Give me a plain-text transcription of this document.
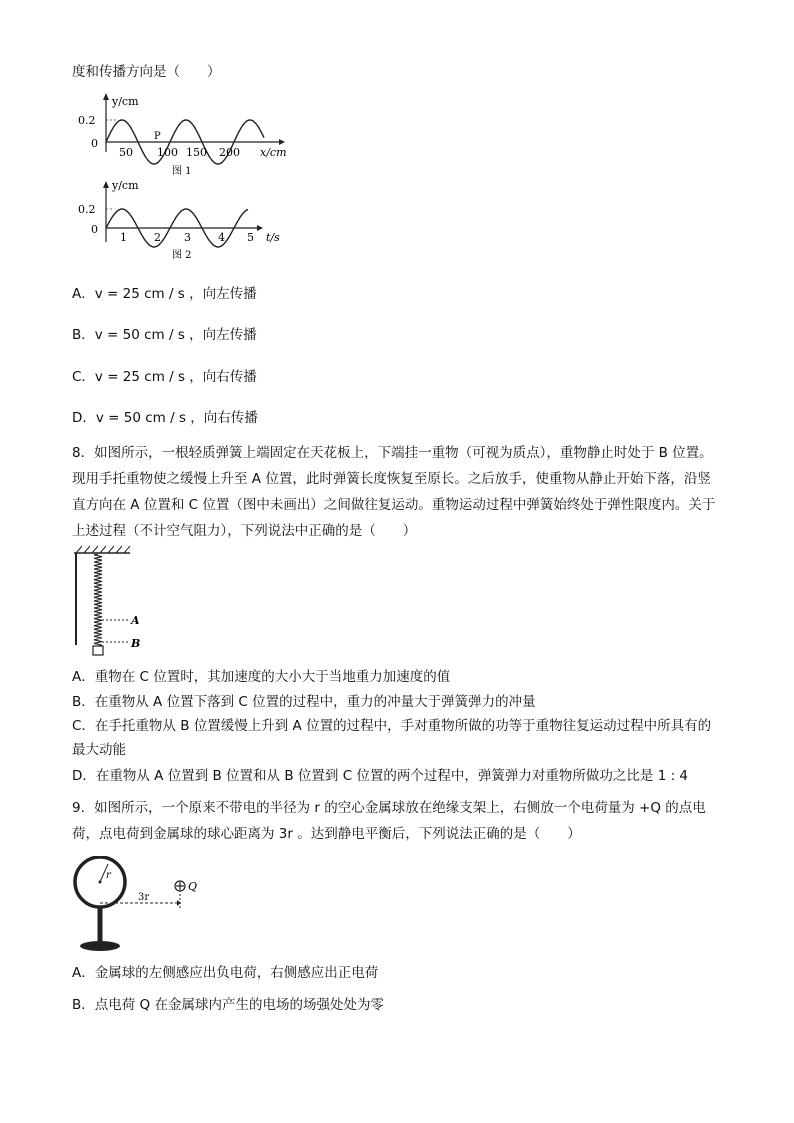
度和传播方向是（　　）
y/cm
0.2
0
50 100 150 200
P
x/cm
图 1
y/cm
0.2
0
1 2 3 4 5 t/s
图 2
A．v = 25 cm / s ，向左传播
B．v = 50 cm / s ，向左传播
C．v = 25 cm / s ，向右传播
D．v = 50 cm / s ，向右传播
8．如图所示，一根轻质弹簧上端固定在天花板上，下端挂一重物（可视为质点），重物静止时处于 B 位置。现用手托重物使之缓慢上升至 A 位置，此时弹簧长度恢复至原长。之后放手，使重物从静止开始下落，沿竖直方向在 A 位置和 C 位置（图中未画出）之间做往复运动。重物运动过程中弹簧始终处于弹性限度内。关于上述过程（不计空气阻力），下列说法中正确的是（　　）
A
B
A．重物在 C 位置时，其加速度的大小大于当地重力加速度的值
B．在重物从 A 位置下落到 C 位置的过程中，重力的冲量大于弹簧弹力的冲量
C．在手托重物从 B 位置缓慢上升到 A 位置的过程中，手对重物所做的功等于重物往复运动过程中所具有的最大动能
D．在重物从 A 位置到 B 位置和从 B 位置到 C 位置的两个过程中，弹簧弹力对重物所做功之比是 1 : 4
9．如图所示，一个原来不带电的半径为 r 的空心金属球放在绝缘支架上，右侧放一个电荷量为 +Q 的点电荷，点电荷到金属球的球心距离为 3r 。达到静电平衡后，下列说法正确的是（　　）
r
3r
Q
A．金属球的左侧感应出负电荷，右侧感应出正电荷
B．点电荷 Q 在金属球内产生的电场的场强处处为零
